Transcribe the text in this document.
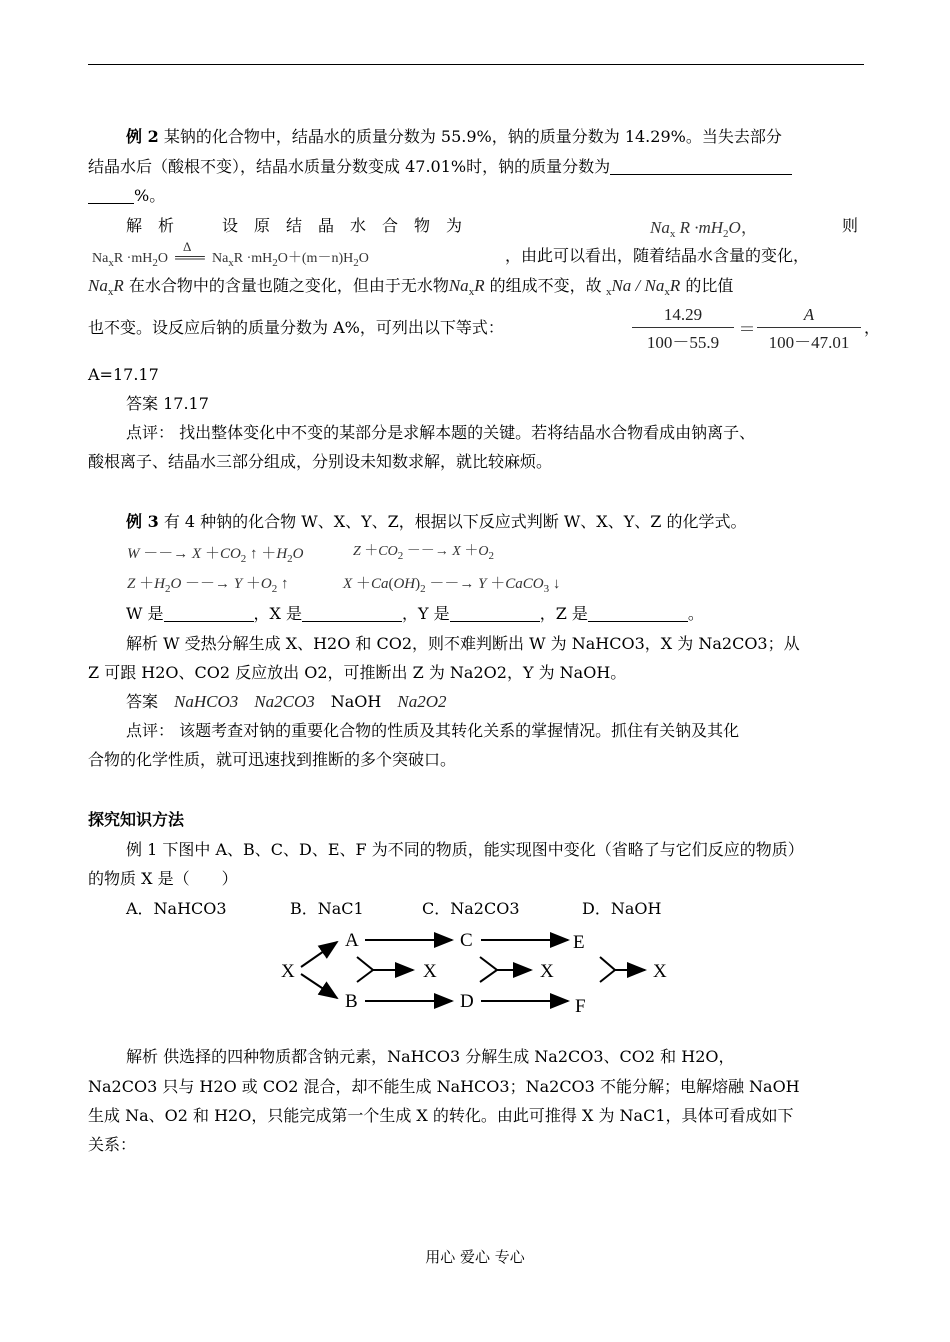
例 2 某钠的化合物中，结晶水的质量分数为 55.9%，钠的质量分数为 14.29%。当失去部分
结晶水后（酸根不变），结晶水质量分数变成 47.01%时，钠的质量分数为
%。
解　析　　　设　原　结　晶　水　合　物　为	$Na_x$ $R \cdot mH_2O$，	则
$Na_xR \cdot mH_2O$
Δ
═══ $Na_xR \cdot mH_2O+(m-n)H_2O$	，由此可以看出，随着结晶水含量的变化，
$Na_xR$ 在水合物中的含量也随之变化，但由于无水物$Na_xR$ 的组成不变，故 $_xNa / Na_xR$ 的比值
也不变。设反应后钠的质量分数为 A%，可列出以下等式：	$\frac{14.29}{100-55.9} = \frac{A}{100-47.01}$ ，
A=17.17
答案 17.17
点评： 找出整体变化中不变的某部分是求解本题的关键。若将结晶水合物看成由钠离子、
酸根离子、结晶水三部分组成，分别设未知数求解，就比较麻烦。
例 3 有 4 种钠的化合物 W、X、Y、Z，根据以下反应式判断 W、X、Y、Z 的化学式。
W －－→ $X +CO_2$ ↑ $+H_2O$	$Z +CO_2$ －－→ $X +O_2$
$Z +H_2O$ －－→ $Y +O_2$ ↑	$X +Ca(OH)_2$ －－→ Y ＋CaCO$_3$ ↓
W 是	，X 是	，Y 是	，Z 是	。
解析 W 受热分解生成 X、H2O 和 CO2，则不难判断出 W 为 NaHCO3，X 为 Na2CO3；从
Z 可跟 H2O、CO2 反应放出 O2，可推断出 Z 为 Na2O2，Y 为 NaOH。
答案　 NaHCO3　 Na2CO3　 NaOH　 Na2O2
点评： 该题考查对钠的重要化合物的性质及其转化关系的掌握情况。抓住有关钠及其化
合物的化学性质，就可迅速找到推断的多个突破口。
探究知识方法
例 1 下图中 A、B、C、D、E、F 为不同的物质，能实现图中变化（省略了与它们反应的物质）
的物质 X 是（　　）
A．NaHCO3	B．NaC1	C．Na2CO3	D．NaOH
X
A
B
X
C
D
X
E
F
X
解析 供选择的四种物质都含钠元素，NaHCO3 分解生成 Na2CO3、CO2 和 H2O，
Na2CO3 只与 H2O 或 CO2 混合，却不能生成 NaHCO3；Na2CO3 不能分解；电解熔融 NaOH
生成 Na、O2 和 H2O，只能完成第一个生成 X 的转化。由此可推得 X 为 NaC1，具体可看成如下
关系：
用心 爱心 专心
